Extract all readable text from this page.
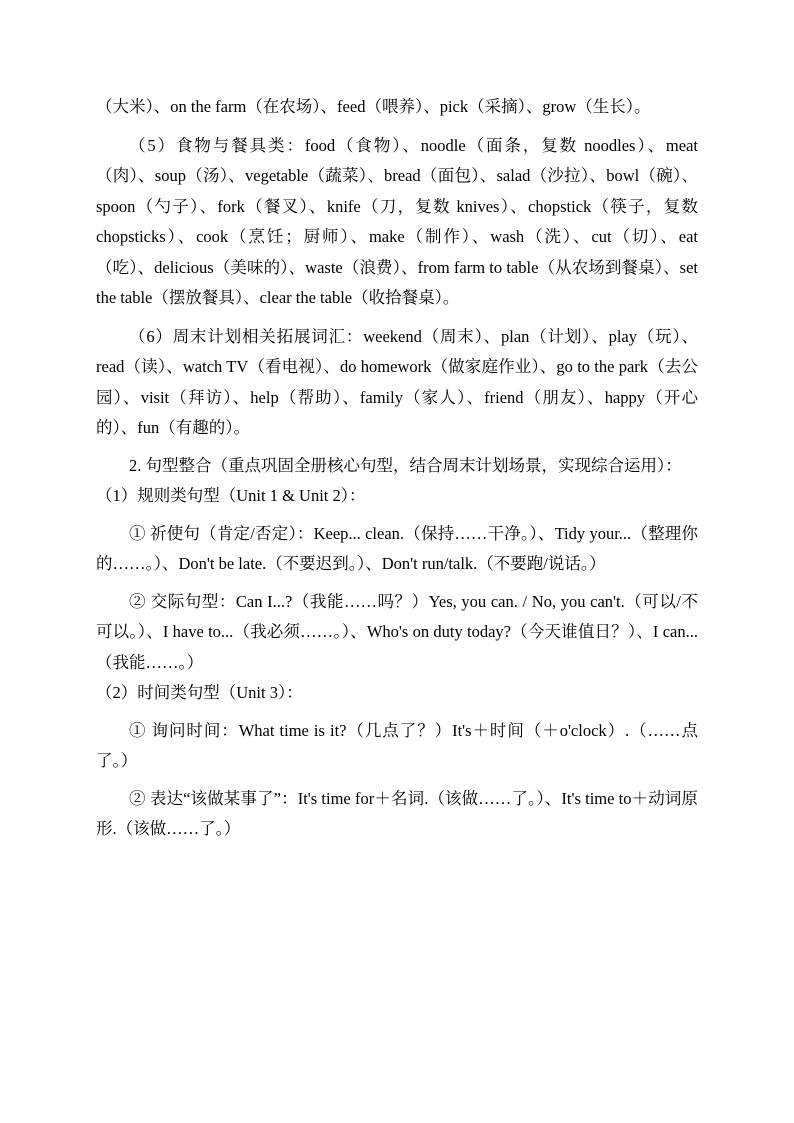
（大米）、on the farm（在农场）、feed（喂养）、pick（采摘）、grow（生长）。

（5）食物与餐具类：food（食物）、noodle（面条，复数 noodles）、meat（肉）、soup（汤）、vegetable（蔬菜）、bread（面包）、salad（沙拉）、bowl（碗）、spoon（勺子）、fork（餐叉）、knife（刀，复数 knives）、chopstick（筷子，复数 chopsticks）、cook（烹饪；厨师）、make（制作）、wash（洗）、cut（切）、eat（吃）、delicious（美味的）、waste（浪费）、from farm to table（从农场到餐桌）、set the table（摆放餐具）、clear the table（收拾餐桌）。

（6）周末计划相关拓展词汇：weekend（周末）、plan（计划）、play（玩）、read（读）、watch TV（看电视）、do homework（做家庭作业）、go to the park（去公园）、visit（拜访）、help（帮助）、family（家人）、friend（朋友）、happy（开心的）、fun（有趣的）。

2. 句型整合（重点巩固全册核心句型，结合周末计划场景，实现综合运用）：

（1）规则类句型（Unit 1 & Unit 2）：

① 祈使句（肯定/否定）：Keep... clean.（保持……干净。）、Tidy your...（整理你的……。）、Don't be late.（不要迟到。）、Don't run/talk.（不要跑/说话。）

② 交际句型：Can I...?（我能……吗？）Yes, you can. / No, you can't.（可以/不可以。）、I have to...（我必须……。）、Who's on duty today?（今天谁值日？）、I can...（我能……。）

（2）时间类句型（Unit 3）：

① 询问时间：What time is it?（几点了？）It's＋时间（＋o'clock）.（……点了。）

② 表达“该做某事了”：It's time for＋名词.（该做……了。）、It's time to＋动词原形.（该做……了。）
